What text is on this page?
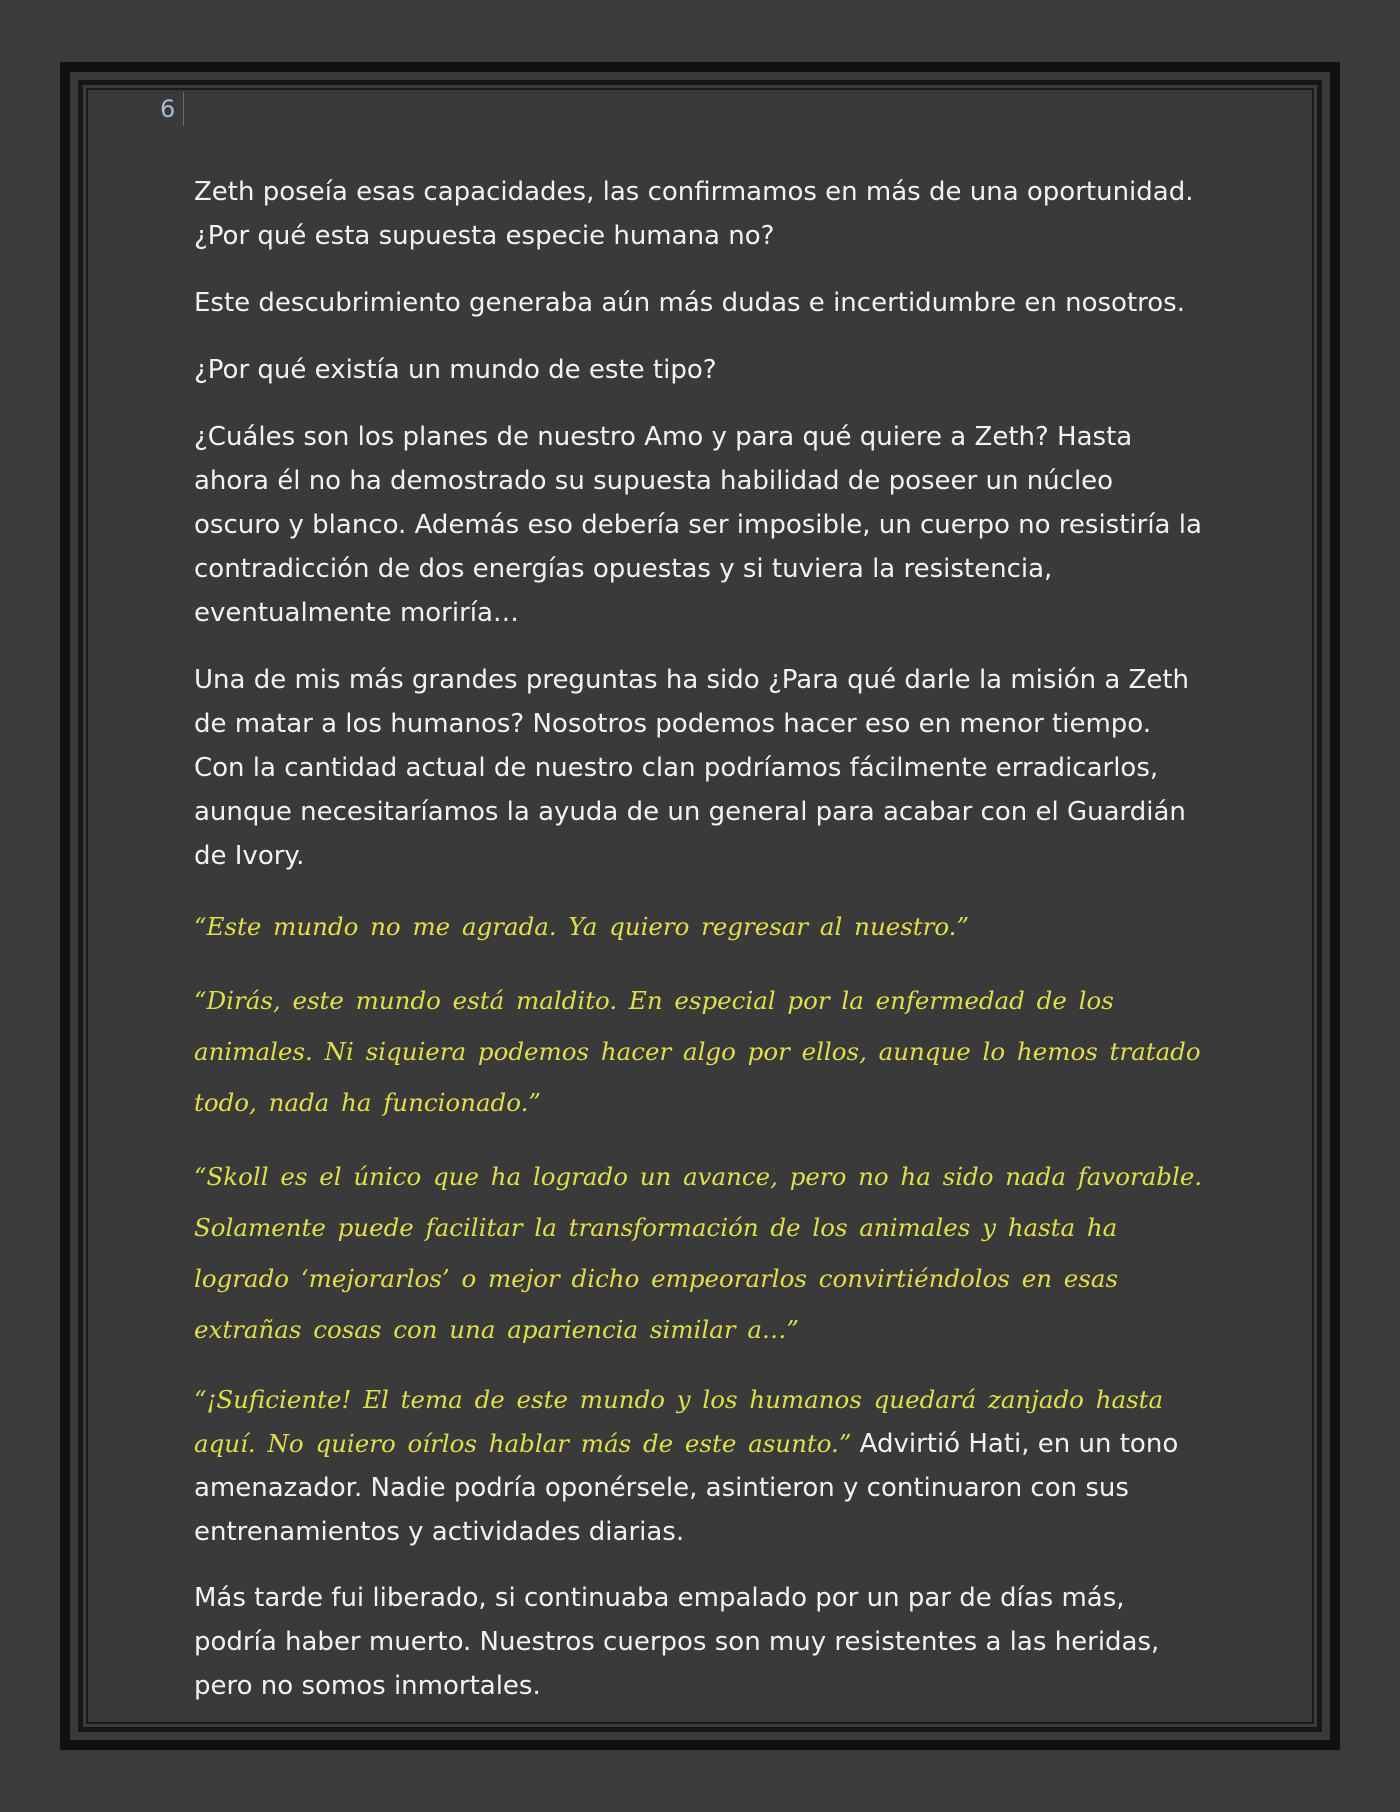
6

Zeth poseía esas capacidades, las confirmamos en más de una oportunidad. ¿Por qué esta supuesta especie humana no?

Este descubrimiento generaba aún más dudas e incertidumbre en nosotros.

¿Por qué existía un mundo de este tipo?

¿Cuáles son los planes de nuestro Amo y para qué quiere a Zeth? Hasta ahora él no ha demostrado su supuesta habilidad de poseer un núcleo oscuro y blanco. Además eso debería ser imposible, un cuerpo no resistiría la contradicción de dos energías opuestas y si tuviera la resistencia, eventualmente moriría…

Una de mis más grandes preguntas ha sido ¿Para qué darle la misión a Zeth de matar a los humanos? Nosotros podemos hacer eso en menor tiempo. Con la cantidad actual de nuestro clan podríamos fácilmente erradicarlos, aunque necesitaríamos la ayuda de un general para acabar con el Guardián de Ivory.

“Este mundo no me agrada. Ya quiero regresar al nuestro.”

“Dirás, este mundo está maldito. En especial por la enfermedad de los animales. Ni siquiera podemos hacer algo por ellos, aunque lo hemos tratado todo, nada ha funcionado.”

“Skoll es el único que ha logrado un avance, pero no ha sido nada favorable. Solamente puede facilitar la transformación de los animales y hasta ha logrado ‘mejorarlos’ o mejor dicho empeorarlos convirtiéndolos en esas extrañas cosas con una apariencia similar a…”

“¡Suficiente! El tema de este mundo y los humanos quedará zanjado hasta aquí. No quiero oírlos hablar más de este asunto.” Advirtió Hati, en un tono amenazador. Nadie podría oponérsele, asintieron y continuaron con sus entrenamientos y actividades diarias.

Más tarde fui liberado, si continuaba empalado por un par de días más, podría haber muerto. Nuestros cuerpos son muy resistentes a las heridas, pero no somos inmortales.
